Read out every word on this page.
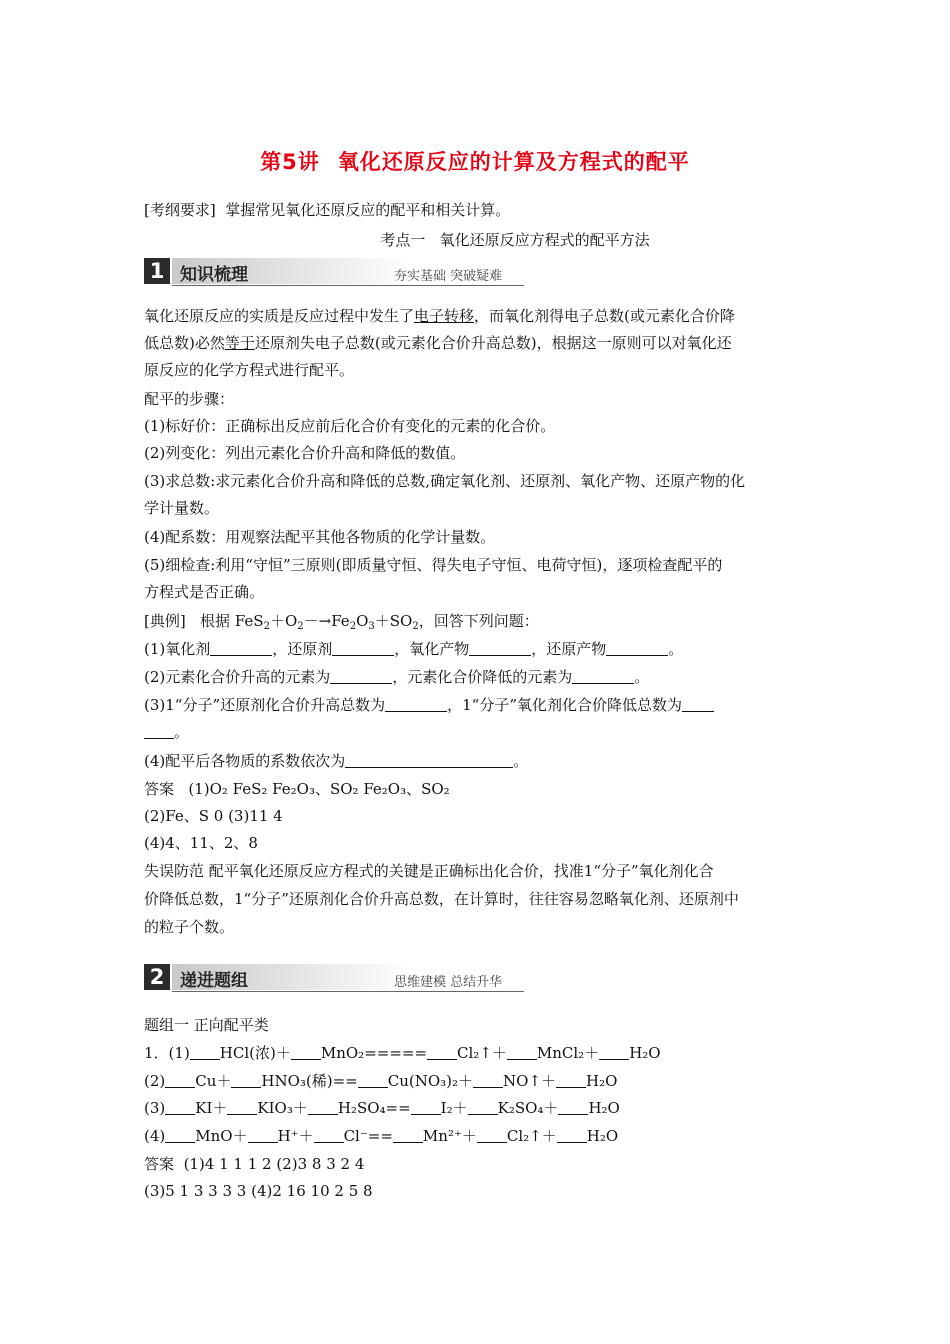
第5讲 氧化还原反应的计算及方程式的配平
[考纲要求] 掌握常见氧化还原反应的配平和相关计算。
考点一 氧化还原反应方程式的配平方法
1 知识梳理	夯实基础 突破疑难
氧化还原反应的实质是反应过程中发生了电子转移，而氧化剂得电子总数(或元素化合价降
低总数)必然等于还原剂失电子总数(或元素化合价升高总数)，根据这一原则可以对氧化还
原反应的化学方程式进行配平。
配平的步骤：
(1)标好价：正确标出反应前后化合价有变化的元素的化合价。
(2)列变化：列出元素化合价升高和降低的数值。
(3)求总数:求元素化合价升高和降低的总数,确定氧化剂、还原剂、氧化产物、还原产物的化
学计量数。
(4)配系数：用观察法配平其他各物质的化学计量数。
(5)细检查:利用“守恒”三原则(即质量守恒、得失电子守恒、电荷守恒)，逐项检查配平的
方程式是否正确。
[典例] 根据 $FeS_2+O_2-\to Fe_2O_3+SO_2$，回答下列问题：
(1)氧化剂	，还原剂	，氧化产物	，还原产物	。
(2)元素化合价升高的元素为	，元素化合价降低的元素为	。
(3)1“分子”还原剂化合价升高总数为	，1“分子”氧化剂化合价降低总数为
。
(4)配平后各物质的系数依次为	。
答案 (1)O₂ FeS₂ Fe₂O₃、SO₂ Fe₂O₃、SO₂
(2)Fe、S 0 (3)11 4
(4)4、11、2、8
失误防范 配平氧化还原反应方程式的关键是正确标出化合价，找准1“分子”氧化剂化合
价降低总数，1“分子”还原剂化合价升高总数，在计算时，往往容易忽略氧化剂、还原剂中
的粒子个数。
2 递进题组	思维建模 总结升华
题组一 正向配平类
1．(1) HCl(浓)＋ MnO₂===== Cl₂↑＋ MnCl₂＋ H₂O
(2) Cu＋ HNO₃(稀)== Cu(NO₃)₂＋ NO↑＋ H₂O
(3) KI＋ KIO₃＋ H₂SO₄== I₂＋ K₂SO₄＋ H₂O
(4) MnO＋ H⁺＋ Cl⁻== Mn²⁺＋ Cl₂↑＋ H₂O
答案 (1)4 1 1 1 2 (2)3 8 3 2 4
(3)5 1 3 3 3 3 (4)2 16 10 2 5 8
